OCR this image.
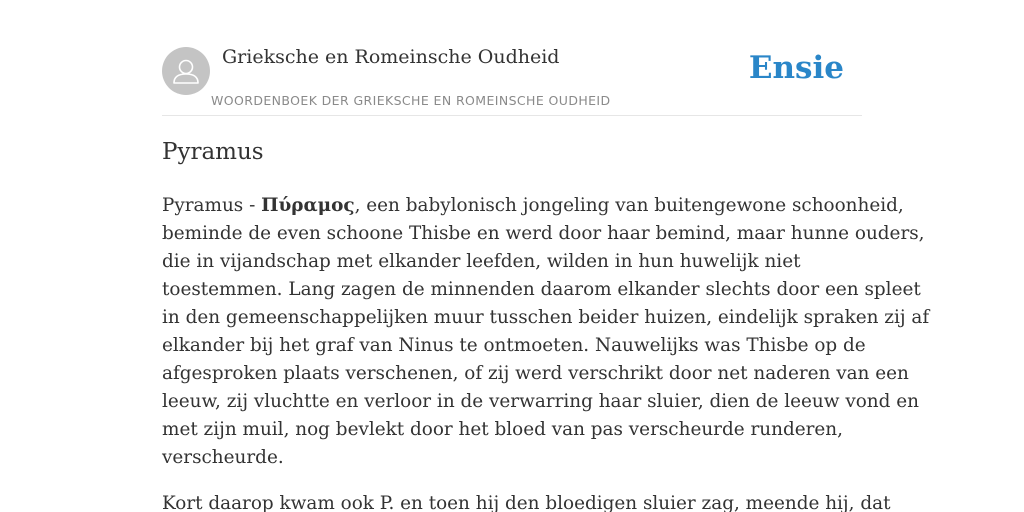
Grieksche en Romeinsche Oudheid
WOORDENBOEK DER GRIEKSCHE EN ROMEINSCHE OUDHEID
Ensie
Pyramus

Pyramus - Πύραμος, een babylonisch jongeling van buitengewone schoonheid,
beminde de even schoone Thisbe en werd door haar bemind, maar hunne ouders,
die in vijandschap met elkander leefden, wilden in hun huwelijk niet
toestemmen. Lang zagen de minnenden daarom elkander slechts door een spleet
in den gemeenschappelijken muur tusschen beider huizen, eindelijk spraken zij af
elkander bij het graf van Ninus te ontmoeten. Nauwelijks was Thisbe op de
afgesproken plaats verschenen, of zij werd verschrikt door net naderen van een
leeuw, zij vluchtte en verloor in de verwarring haar sluier, dien de leeuw vond en
met zijn muil, nog bevlekt door het bloed van pas verscheurde runderen,
verscheurde.

Kort daarop kwam ook P. en toen hij den bloedigen sluier zag, meende hij, dat
